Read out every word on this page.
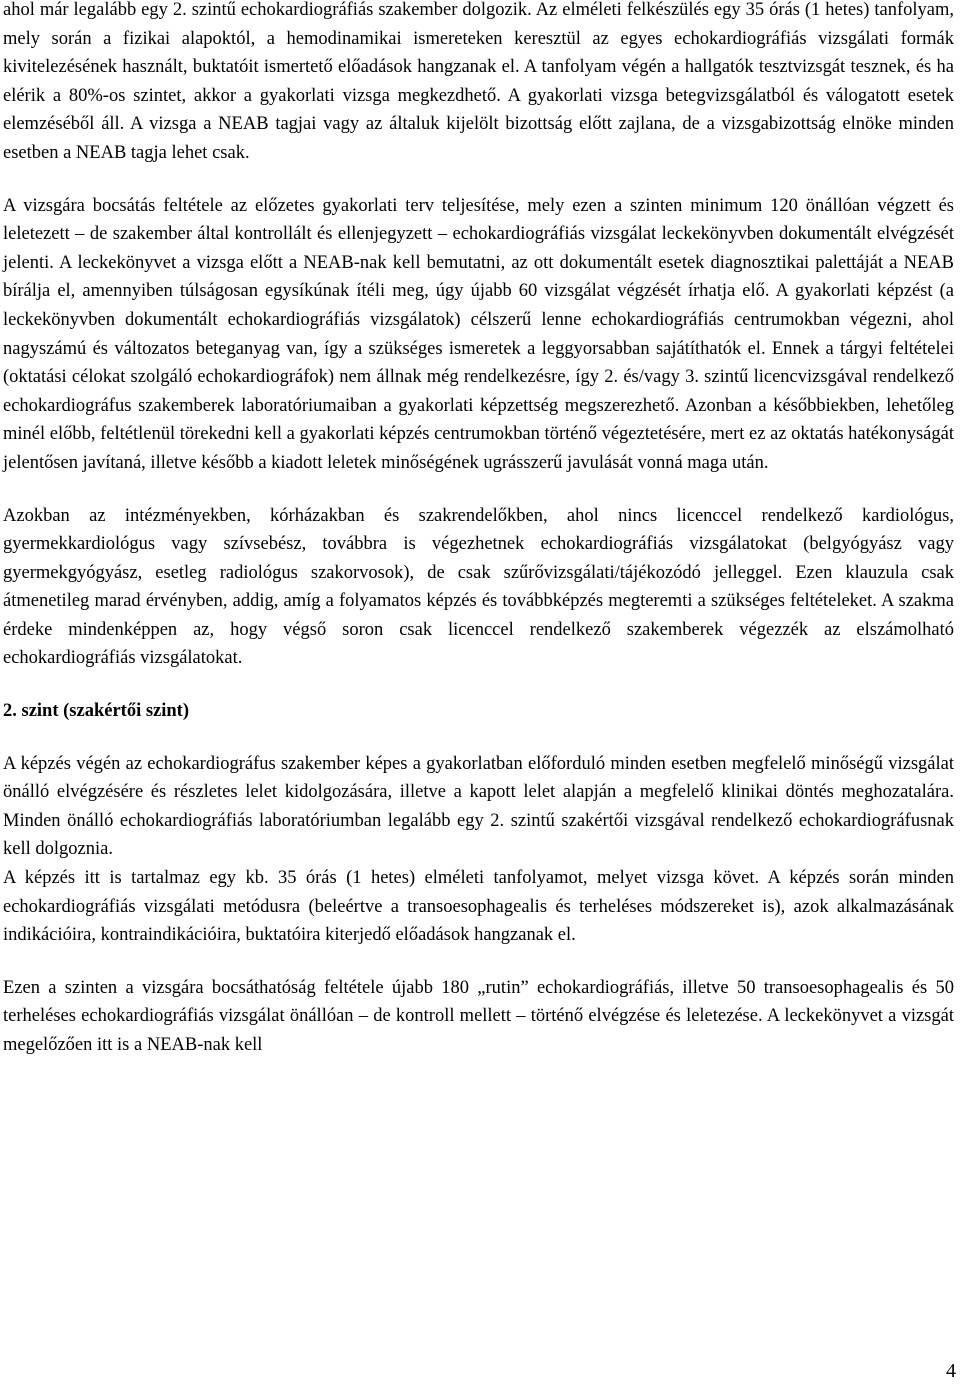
ahol már legalább egy 2. szintű echokardiográfiás szakember dolgozik. Az elméleti felkészülés egy 35 órás (1 hetes) tanfolyam, mely során a fizikai alapoktól, a hemodinamikai ismereteken keresztül az egyes echokardiográfiás vizsgálati formák kivitelezésének használt, buktatóit ismertető előadások hangzanak el. A tanfolyam végén a hallgatók tesztvizsgát tesznek, és ha elérik a 80%-os szintet, akkor a gyakorlati vizsga megkezdhető. A gyakorlati vizsga betegvizsgálatból és válogatott esetek elemzéséből áll. A vizsga a NEAB tagjai vagy az általuk kijelölt bizottság előtt zajlana, de a vizsgabizottság elnöke minden esetben a NEAB tagja lehet csak.

A vizsgára bocsátás feltétele az előzetes gyakorlati terv teljesítése, mely ezen a szinten minimum 120 önállóan végzett és leletezett – de szakember által kontrollált és ellenjegyzett – echokardiográfiás vizsgálat leckekönyvben dokumentált elvégzését jelenti. A leckekönyvet a vizsga előtt a NEAB-nak kell bemutatni, az ott dokumentált esetek diagnosztikai palettáját a NEAB bírálja el, amennyiben túlságosan egysíkúnak ítéli meg, úgy újabb 60 vizsgálat végzését írhatja elő. A gyakorlati képzést (a leckekönyvben dokumentált echokardiográfiás vizsgálatok) célszerű lenne echokardiográfiás centrumokban végezni, ahol nagyszámú és változatos beteganyag van, így a szükséges ismeretek a leggyorsabban sajátíthatók el. Ennek a tárgyi feltételei (oktatási célokat szolgáló echokardiográfok) nem állnak még rendelkezésre, így 2. és/vagy 3. szintű licencvizsgával rendelkező echokardiográfus szakemberek laboratóriumaiban a gyakorlati képzettség megszerezhető. Azonban a későbbiekben, lehetőleg minél előbb, feltétlenül törekedni kell a gyakorlati képzés centrumokban történő végeztetésére, mert ez az oktatás hatékonyságát jelentősen javítaná, illetve később a kiadott leletek minőségének ugrásszerű javulását vonná maga után.

Azokban az intézményekben, kórházakban és szakrendelőkben, ahol nincs licenccel rendelkező kardiológus, gyermekkardiológus vagy szívsebész, továbbra is végezhetnek echokardiográfiás vizsgálatokat (belgyógyász vagy gyermekgyógyász, esetleg radiológus szakorvosok), de csak szűrővizsgálati/tájékozódó jelleggel. Ezen klauzula csak átmenetileg marad érvényben, addig, amíg a folyamatos képzés és továbbképzés megteremti a szükséges feltételeket. A szakma érdeke mindenképpen az, hogy végső soron csak licenccel rendelkező szakemberek végezzék az elszámolható echokardiográfiás vizsgálatokat.

2. szint (szakértői szint)

A képzés végén az echokardiográfus szakember képes a gyakorlatban előforduló minden esetben megfelelő minőségű vizsgálat önálló elvégzésére és részletes lelet kidolgozására, illetve a kapott lelet alapján a megfelelő klinikai döntés meghozatalára. Minden önálló echokardiográfiás laboratóriumban legalább egy 2. szintű szakértői vizsgával rendelkező echokardiográfusnak kell dolgoznia.

A képzés itt is tartalmaz egy kb. 35 órás (1 hetes) elméleti tanfolyamot, melyet vizsga követ. A képzés során minden echokardiográfiás vizsgálati metódusra (beleértve a transoesophagealis és terheléses módszereket is), azok alkalmazásának indikációira, kontraindikációira, buktatóira kiterjedő előadások hangzanak el.

Ezen a szinten a vizsgára bocsáthatóság feltétele újabb 180 „rutin” echokardiográfiás, illetve 50 transoesophagealis és 50 terheléses echokardiográfiás vizsgálat önállóan – de kontroll mellett – történő elvégzése és leletezése. A leckekönyvet a vizsgát megelőzően itt is a NEAB-nak kell

4
